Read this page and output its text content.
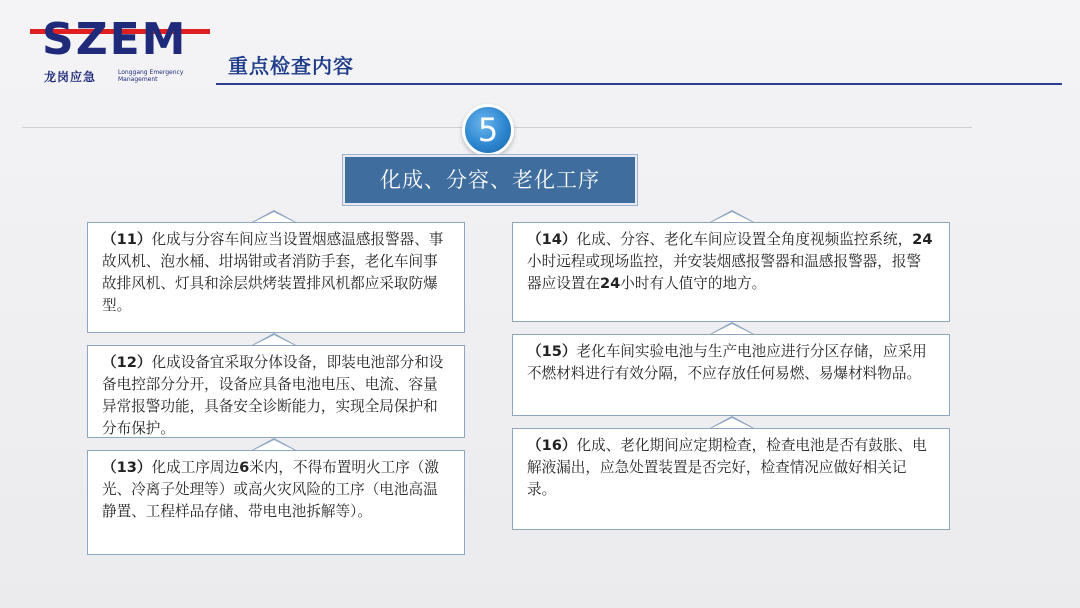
SZEM
龙岗应急	Longgang Emergency Management
重点检查内容
5
化成、分容、老化工序
（11）化成与分容车间应当设置烟感温感报警器、事故风机、泡水桶、坩埚钳或者消防手套，老化车间事故排风机、灯具和涂层烘烤装置排风机都应采取防爆型。
（12）化成设备宜采取分体设备，即装电池部分和设备电控部分分开，设备应具备电池电压、电流、容量异常报警功能，具备安全诊断能力，实现全局保护和分布保护。
（13）化成工序周边6米内，不得布置明火工序（激光、冷离子处理等）或高火灾风险的工序（电池高温静置、工程样品存储、带电电池拆解等）。
（14）化成、分容、老化车间应设置全角度视频监控系统，24小时远程或现场监控，并安装烟感报警器和温感报警器，报警器应设置在24小时有人值守的地方。
（15）老化车间实验电池与生产电池应进行分区存储，应采用不燃材料进行有效分隔，不应存放任何易燃、易爆材料物品。
（16）化成、老化期间应定期检查，检查电池是否有鼓胀、电解液漏出，应急处置装置是否完好，检查情况应做好相关记录。
